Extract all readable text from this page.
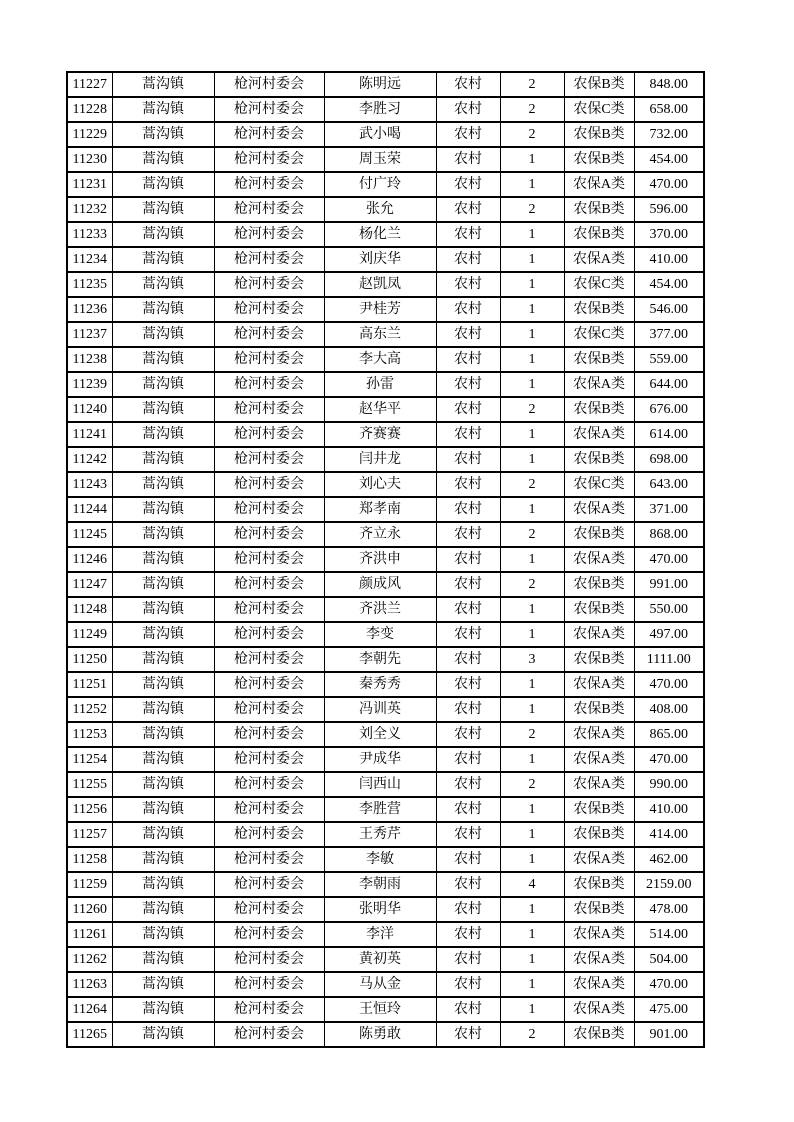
11227	蒿沟镇	枪河村委会	陈明远	农村	2	农保B类	848.00
11228	蒿沟镇	枪河村委会	李胜习	农村	2	农保C类	658.00
11229	蒿沟镇	枪河村委会	武小喝	农村	2	农保B类	732.00
11230	蒿沟镇	枪河村委会	周玉荣	农村	1	农保B类	454.00
11231	蒿沟镇	枪河村委会	付广玲	农村	1	农保A类	470.00
11232	蒿沟镇	枪河村委会	张允	农村	2	农保B类	596.00
11233	蒿沟镇	枪河村委会	杨化兰	农村	1	农保B类	370.00
11234	蒿沟镇	枪河村委会	刘庆华	农村	1	农保A类	410.00
11235	蒿沟镇	枪河村委会	赵凯凤	农村	1	农保C类	454.00
11236	蒿沟镇	枪河村委会	尹桂芳	农村	1	农保B类	546.00
11237	蒿沟镇	枪河村委会	高东兰	农村	1	农保C类	377.00
11238	蒿沟镇	枪河村委会	李大高	农村	1	农保B类	559.00
11239	蒿沟镇	枪河村委会	孙雷	农村	1	农保A类	644.00
11240	蒿沟镇	枪河村委会	赵华平	农村	2	农保B类	676.00
11241	蒿沟镇	枪河村委会	齐赛赛	农村	1	农保A类	614.00
11242	蒿沟镇	枪河村委会	闫井龙	农村	1	农保B类	698.00
11243	蒿沟镇	枪河村委会	刘心夫	农村	2	农保C类	643.00
11244	蒿沟镇	枪河村委会	郑孝南	农村	1	农保A类	371.00
11245	蒿沟镇	枪河村委会	齐立永	农村	2	农保B类	868.00
11246	蒿沟镇	枪河村委会	齐洪申	农村	1	农保A类	470.00
11247	蒿沟镇	枪河村委会	颜成风	农村	2	农保B类	991.00
11248	蒿沟镇	枪河村委会	齐洪兰	农村	1	农保B类	550.00
11249	蒿沟镇	枪河村委会	李变	农村	1	农保A类	497.00
11250	蒿沟镇	枪河村委会	李朝先	农村	3	农保B类	1111.00
11251	蒿沟镇	枪河村委会	秦秀秀	农村	1	农保A类	470.00
11252	蒿沟镇	枪河村委会	冯训英	农村	1	农保B类	408.00
11253	蒿沟镇	枪河村委会	刘全义	农村	2	农保A类	865.00
11254	蒿沟镇	枪河村委会	尹成华	农村	1	农保A类	470.00
11255	蒿沟镇	枪河村委会	闫西山	农村	2	农保A类	990.00
11256	蒿沟镇	枪河村委会	李胜营	农村	1	农保B类	410.00
11257	蒿沟镇	枪河村委会	王秀芹	农村	1	农保B类	414.00
11258	蒿沟镇	枪河村委会	李敏	农村	1	农保A类	462.00
11259	蒿沟镇	枪河村委会	李朝雨	农村	4	农保B类	2159.00
11260	蒿沟镇	枪河村委会	张明华	农村	1	农保B类	478.00
11261	蒿沟镇	枪河村委会	李洋	农村	1	农保A类	514.00
11262	蒿沟镇	枪河村委会	黄初英	农村	1	农保A类	504.00
11263	蒿沟镇	枪河村委会	马从金	农村	1	农保A类	470.00
11264	蒿沟镇	枪河村委会	王恒玲	农村	1	农保A类	475.00
11265	蒿沟镇	枪河村委会	陈勇敢	农村	2	农保B类	901.00
